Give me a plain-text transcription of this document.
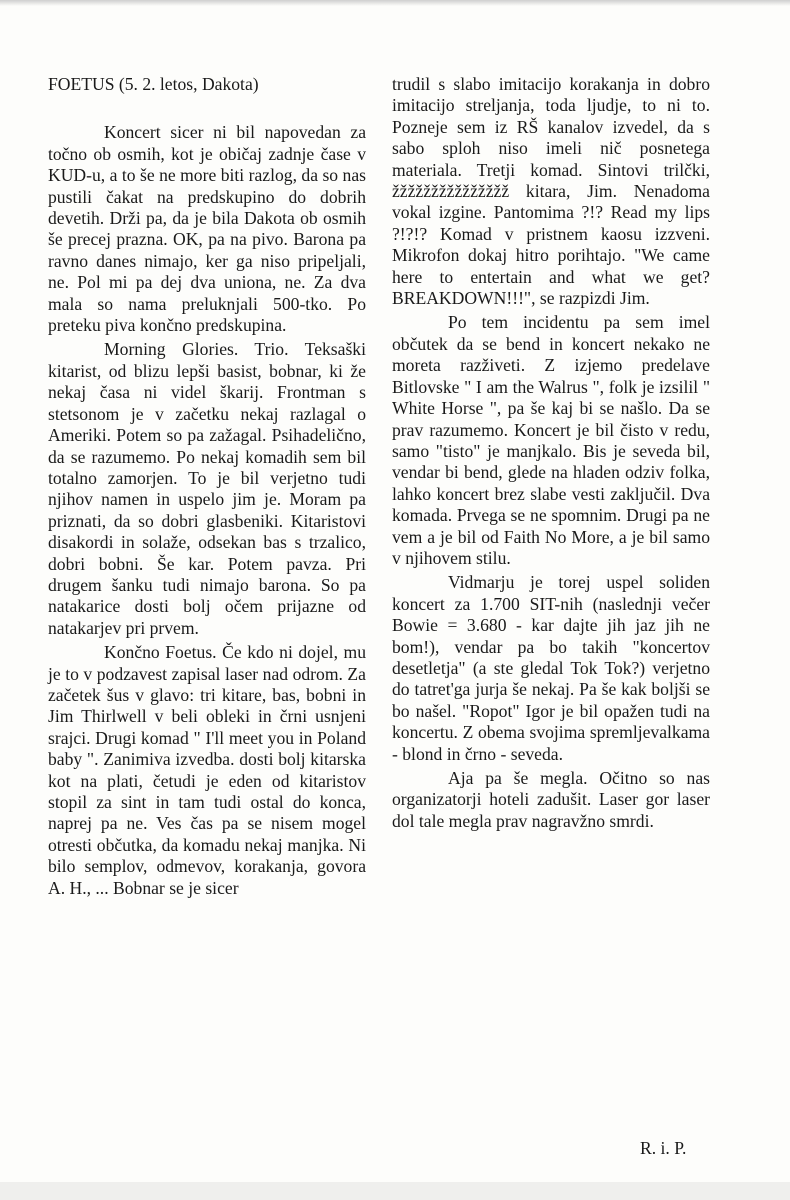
FOETUS (5. 2. letos, Dakota)

Koncert sicer ni bil napovedan za točno ob osmih, kot je običaj zadnje čase v KUD-u, a to še ne more biti razlog, da so nas pustili čakat na predskupino do dobrih devetih. Drži pa, da je bila Dakota ob osmih še precej prazna. OK, pa na pivo. Barona pa ravno danes nimajo, ker ga niso pripeljali, ne. Pol mi pa dej dva uniona, ne. Za dva mala so nama preluknjali 500-tko. Po preteku piva končno predskupina.

Morning Glories. Trio. Teksaški kitarist, od blizu lepši basist, bobnar, ki že nekaj časa ni videl škarij. Frontman s stetsonom je v začetku nekaj razlagal o Ameriki. Potem so pa zažagal. Psihadelično, da se razumemo. Po nekaj komadih sem bil totalno zamorjen. To je bil verjetno tudi njihov namen in uspelo jim je. Moram pa priznati, da so dobri glasbeniki. Kitaristovi disakordi in solaže, odsekan bas s trzalico, dobri bobni. Še kar. Potem pavza. Pri drugem šanku tudi nimajo barona. So pa natakarice dosti bolj očem prijazne od natakarjev pri prvem.

Končno Foetus. Če kdo ni dojel, mu je to v podzavest zapisal laser nad odrom. Za začetek šus v glavo: tri kitare, bas, bobni in Jim Thirlwell v beli obleki in črni usnjeni srajci. Drugi komad " I'll meet you in Poland baby ". Zanimiva izvedba. dosti bolj kitarska kot na plati, četudi je eden od kitaristov stopil za sint in tam tudi ostal do konca, naprej pa ne. Ves čas pa se nisem mogel otresti občutka, da komadu nekaj manjka. Ni bilo semplov, odmevov, korakanja, govora A. H., ... Bobnar se je sicer

trudil s slabo imitacijo korakanja in dobro imitacijo streljanja, toda ljudje, to ni to. Pozneje sem iz RŠ kanalov izvedel, da s sabo sploh niso imeli nič posnetega materiala. Tretji komad. Sintovi trilčki, žžžžžžžžžžžžžžž kitara, Jim. Nenadoma vokal izgine. Pantomima ?!? Read my lips ?!?!? Komad v pristnem kaosu izzveni. Mikrofon dokaj hitro porihtajo. "We came here to entertain and what we get? BREAKDOWN!!!", se razpizdi Jim.

Po tem incidentu pa sem imel občutek da se bend in koncert nekako ne moreta razživeti. Z izjemo predelave Bitlovske " I am the Walrus ", folk je izsilil " White Horse ", pa še kaj bi se našlo. Da se prav razumemo. Koncert je bil čisto v redu, samo "tisto" je manjkalo. Bis je seveda bil, vendar bi bend, glede na hladen odziv folka, lahko koncert brez slabe vesti zaključil. Dva komada. Prvega se ne spomnim. Drugi pa ne vem a je bil od Faith No More, a je bil samo v njihovem stilu.

Vidmarju je torej uspel soliden koncert za 1.700 SIT-nih (naslednji večer Bowie = 3.680 - kar dajte jih jaz jih ne bom!), vendar pa bo takih "koncertov desetletja" (a ste gledal Tok Tok?) verjetno do tatret'ga jurja še nekaj. Pa še kak boljši se bo našel. "Ropot" Igor je bil opažen tudi na koncertu. Z obema svojima spremljevalkama - blond in črno - seveda.

Aja pa še megla. Očitno so nas organizatorji hoteli zadušit. Laser gor laser dol tale megla prav nagravžno smrdi.

R. i. P.
